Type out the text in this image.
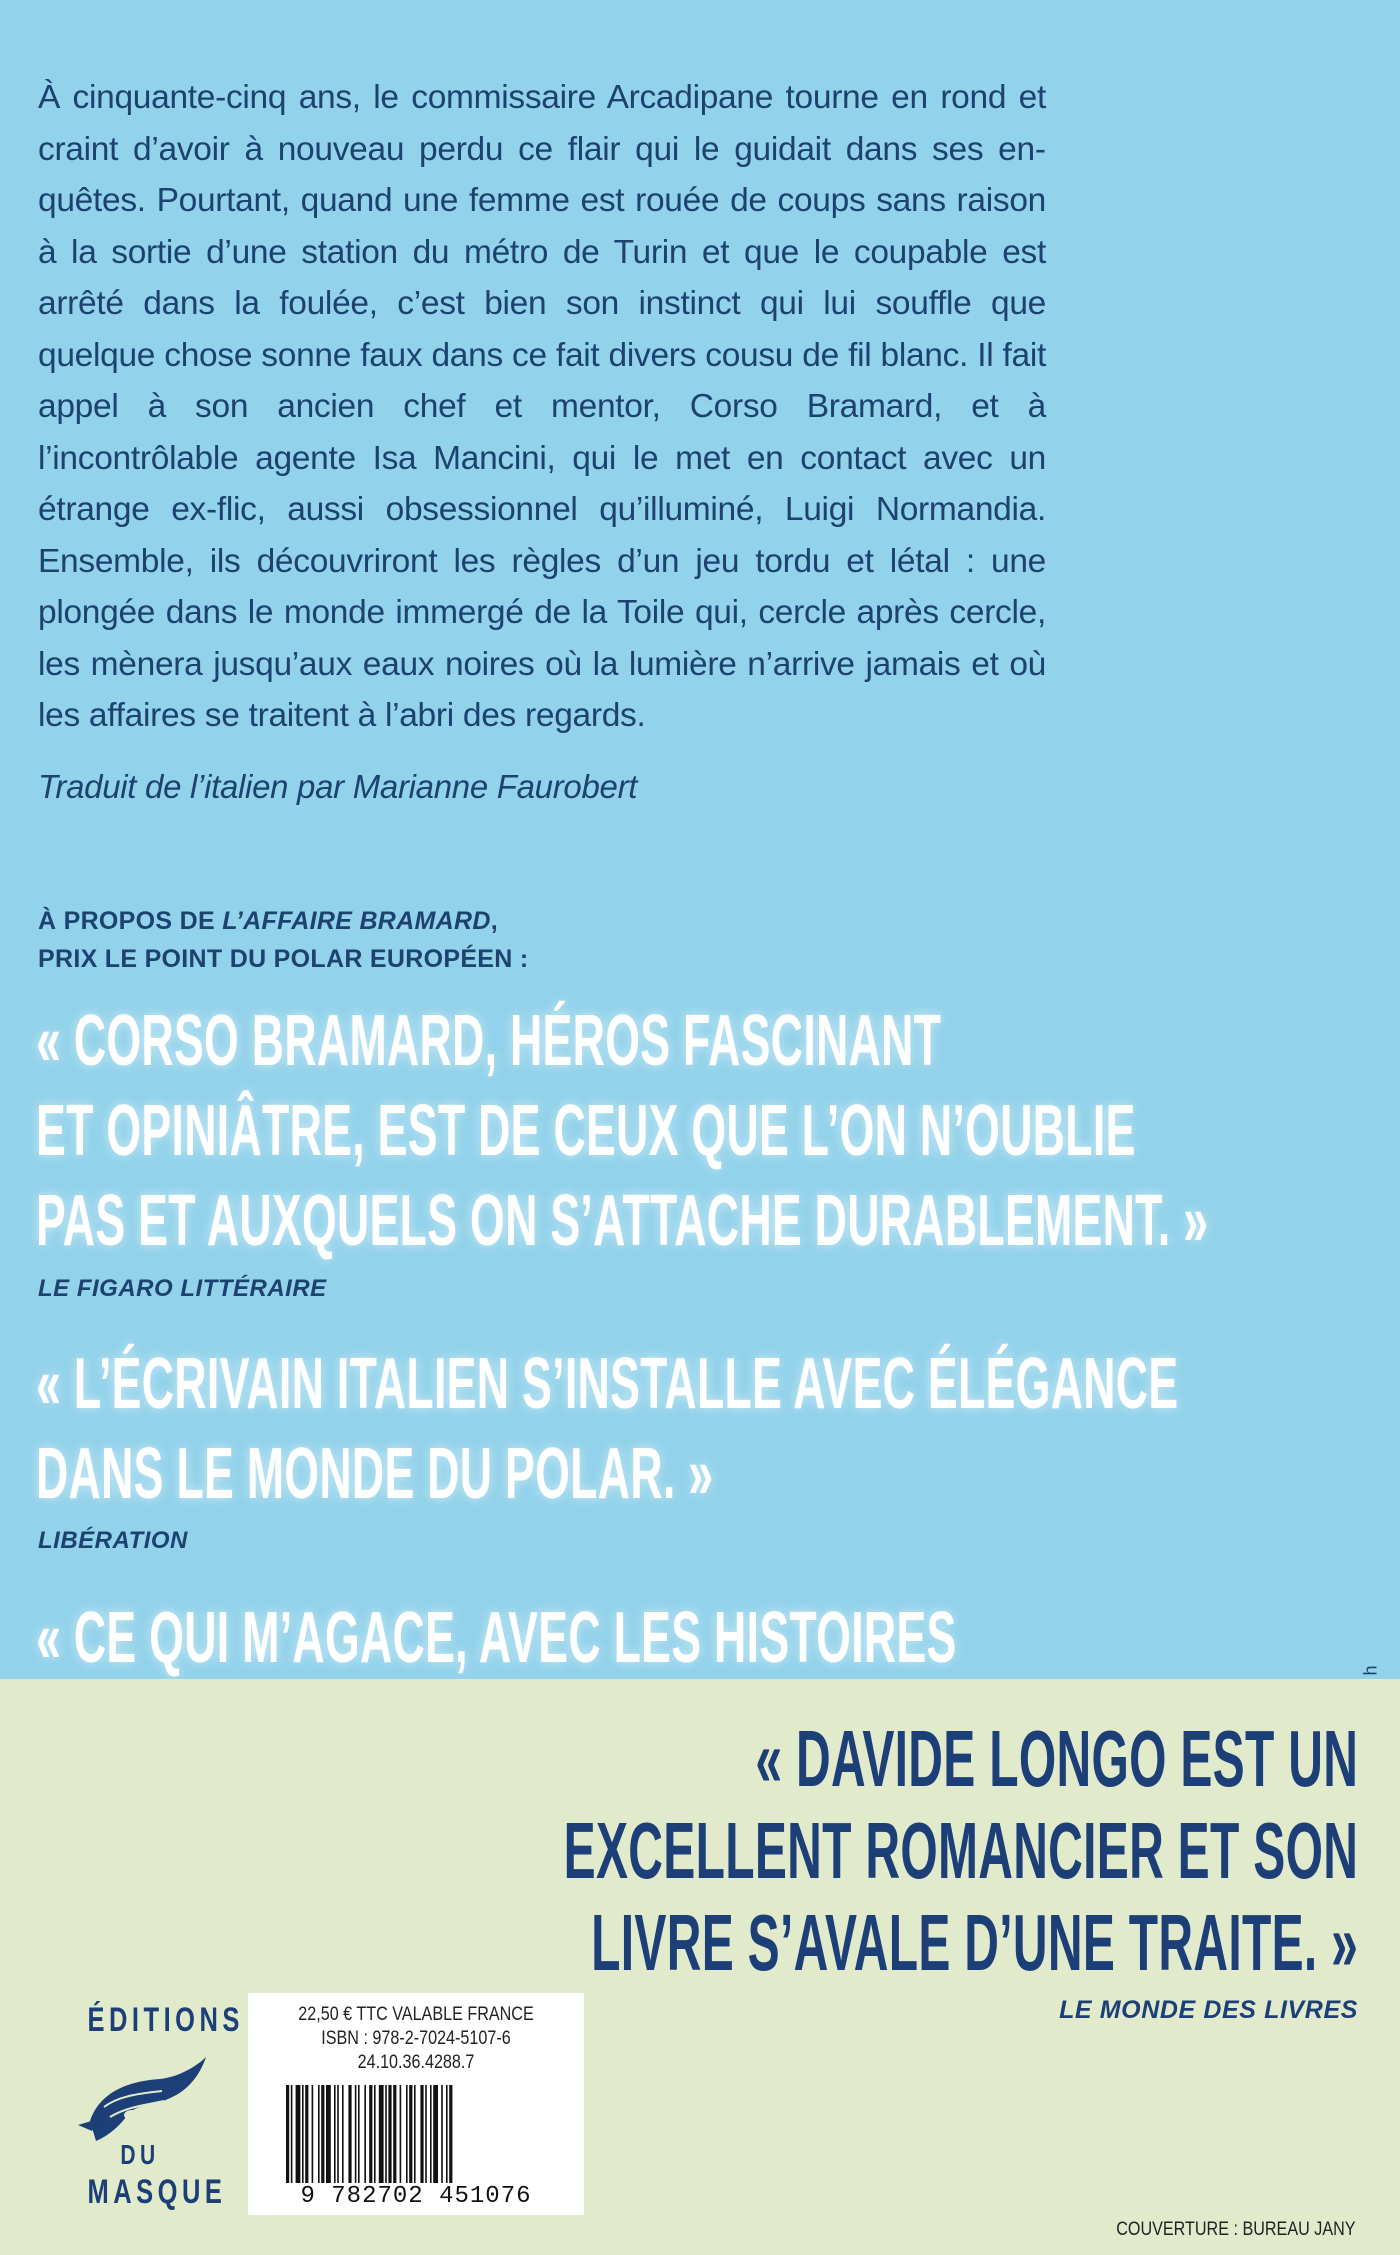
À cinquante-cinq ans, le commissaire Arcadipane tourne en rond et craint d’avoir à nouveau perdu ce flair qui le guidait dans ses enquêtes. Pourtant, quand une femme est rouée de coups sans raison à la sortie d’une station du métro de Turin et que le coupable est arrêté dans la foulée, c’est bien son instinct qui lui souffle que quelque chose sonne faux dans ce fait divers cousu de fil blanc. Il fait appel à son ancien chef et mentor, Corso Bramard, et à l’incontrôlable agente Isa Mancini, qui le met en contact avec un étrange ex-flic, aussi obsessionnel qu’illuminé, Luigi Normandia. Ensemble, ils découvriront les règles d’un jeu tordu et létal : une plongée dans le monde immergé de la Toile qui, cercle après cercle, les mènera jusqu’aux eaux noires où la lumière n’arrive jamais et où les affaires se traitent à l’abri des regards.

Traduit de l’italien par Marianne Faurobert
À PROPOS DE L’AFFAIRE BRAMARD,
PRIX LE POINT DU POLAR EUROPÉEN :
« CORSO BRAMARD, HÉROS FASCINANT
ET OPINIÂTRE, EST DE CEUX QUE L’ON N’OUBLIE
PAS ET AUXQUELS ON S’ATTACHE DURABLEMENT. »
LE FIGARO LITTÉRAIRE
« L’ÉCRIVAIN ITALIEN S’INSTALLE AVEC ÉLÉGANCE
DANS LE MONDE DU POLAR. »
LIBÉRATION
« CE QUI M’AGACE, AVEC LES HISTOIRES	h
« DAVIDE LONGO EST UN
EXCELLENT ROMANCIER ET SON
LIVRE S’AVALE D’UNE TRAITE. »
LE MONDE DES LIVRES
ÉDITIONS
DU
MASQUE
22,50 € TTC VALABLE FRANCE
ISBN : 978-2-7024-5107-6
24.10.36.4288.7
9 782702 451076
COUVERTURE : BUREAU JANY
